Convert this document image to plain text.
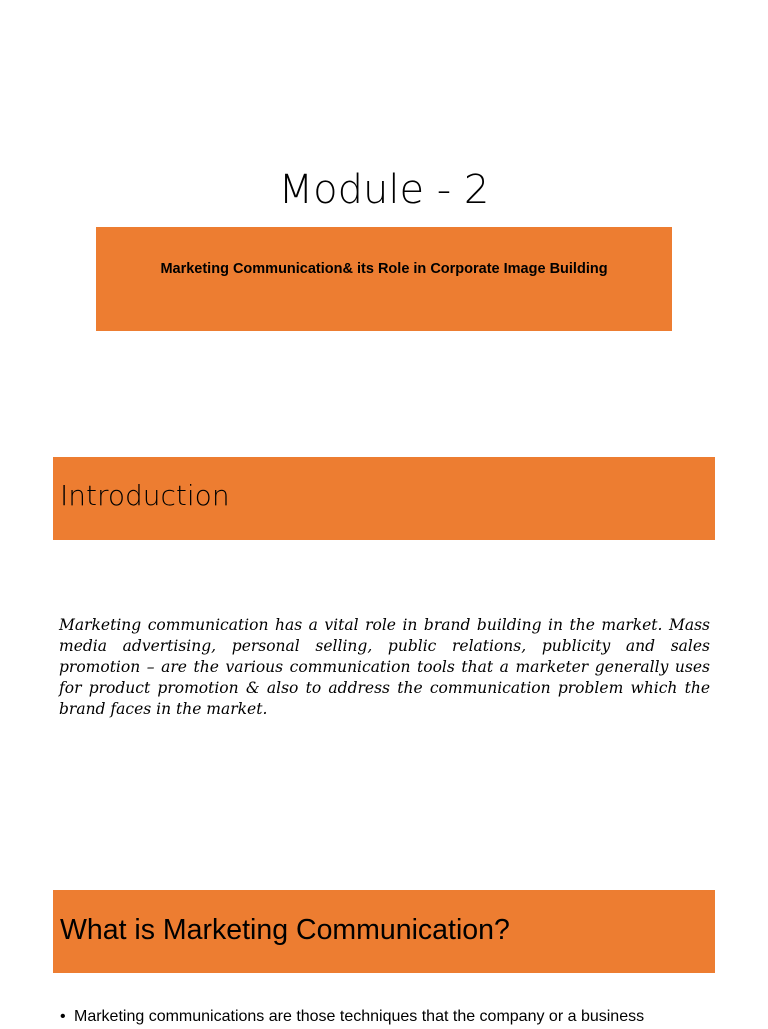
Module - 2
Marketing Communication& its Role in Corporate Image Building
Introduction

Marketing communication has a vital role in brand building in the market. Mass media advertising, personal selling, public relations, publicity and sales promotion – are the various communication tools that a marketer generally uses for product promotion & also to address the communication problem which the brand faces in the market.

What is Marketing Communication?
• Marketing communications are those techniques that the company or a business
